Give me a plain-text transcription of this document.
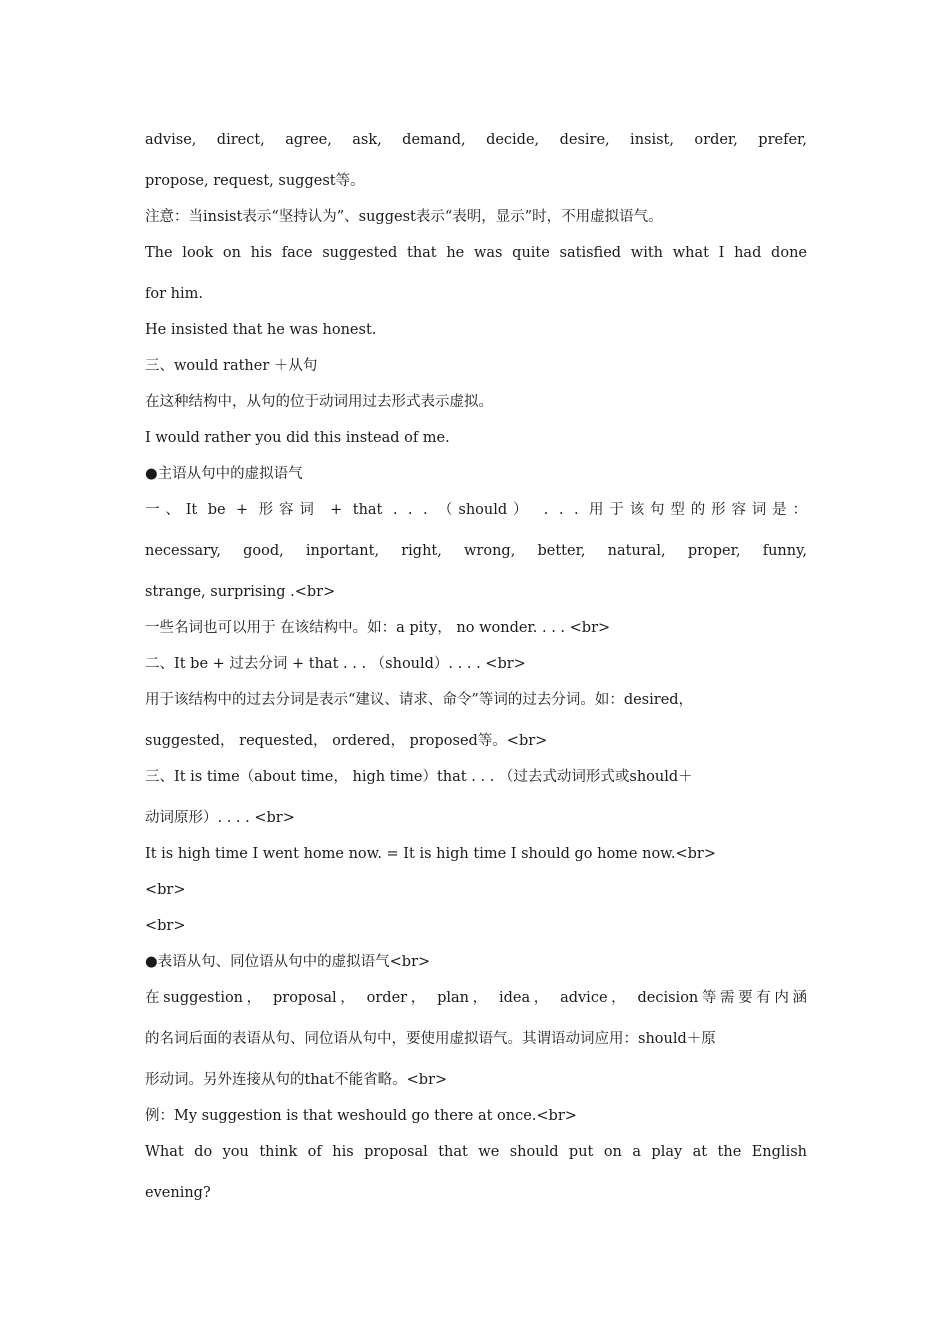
advise, direct, agree, ask, demand, decide, desire, insist, order, prefer,
propose, request, suggest等。
注意：当insist表示“坚持认为”、suggest表示“表明，显示”时，不用虚拟语气。
The look on his face suggested that he was quite satisfied with what I had done
for him.
He insisted that he was honest.
三、would rather ＋从句
在这种结构中，从句的位于动词用过去形式表示虚拟。
I would rather you did this instead of me.
●主语从句中的虚拟语气
一、It be + 形容词 + that . . . （should） . . . 用于该句型的形容词是：
necessary, good, inportant, right, wrong, better, natural, proper, funny,
strange, surprising .<br>
一些名词也可以用于 在该结构中。如：a pity， no wonder. . . . <br>
二、It be + 过去分词 + that . . . （should）. . . . <br>
用于该结构中的过去分词是表示“建议、请求、命令”等词的过去分词。如：desired，
suggested， requested， ordered， proposed等。<br>
三、It is time（about time， high time）that . . . （过去式动词形式或should＋
动词原形）. . . . <br>
It is high time I went home now. = It is high time I should go home now.<br>
<br>
<br>
●表语从句、同位语从句中的虚拟语气<br>
在suggestion， proposal， order， plan， idea， advice， decision等需要有内涵
的名词后面的表语从句、同位语从句中，要使用虚拟语气。其谓语动词应用：should＋原
形动词。另外连接从句的that不能省略。<br>
例：My suggestion is that weshould go there at once.<br>
What do you think of his proposal that we should put on a play at the English
evening?
